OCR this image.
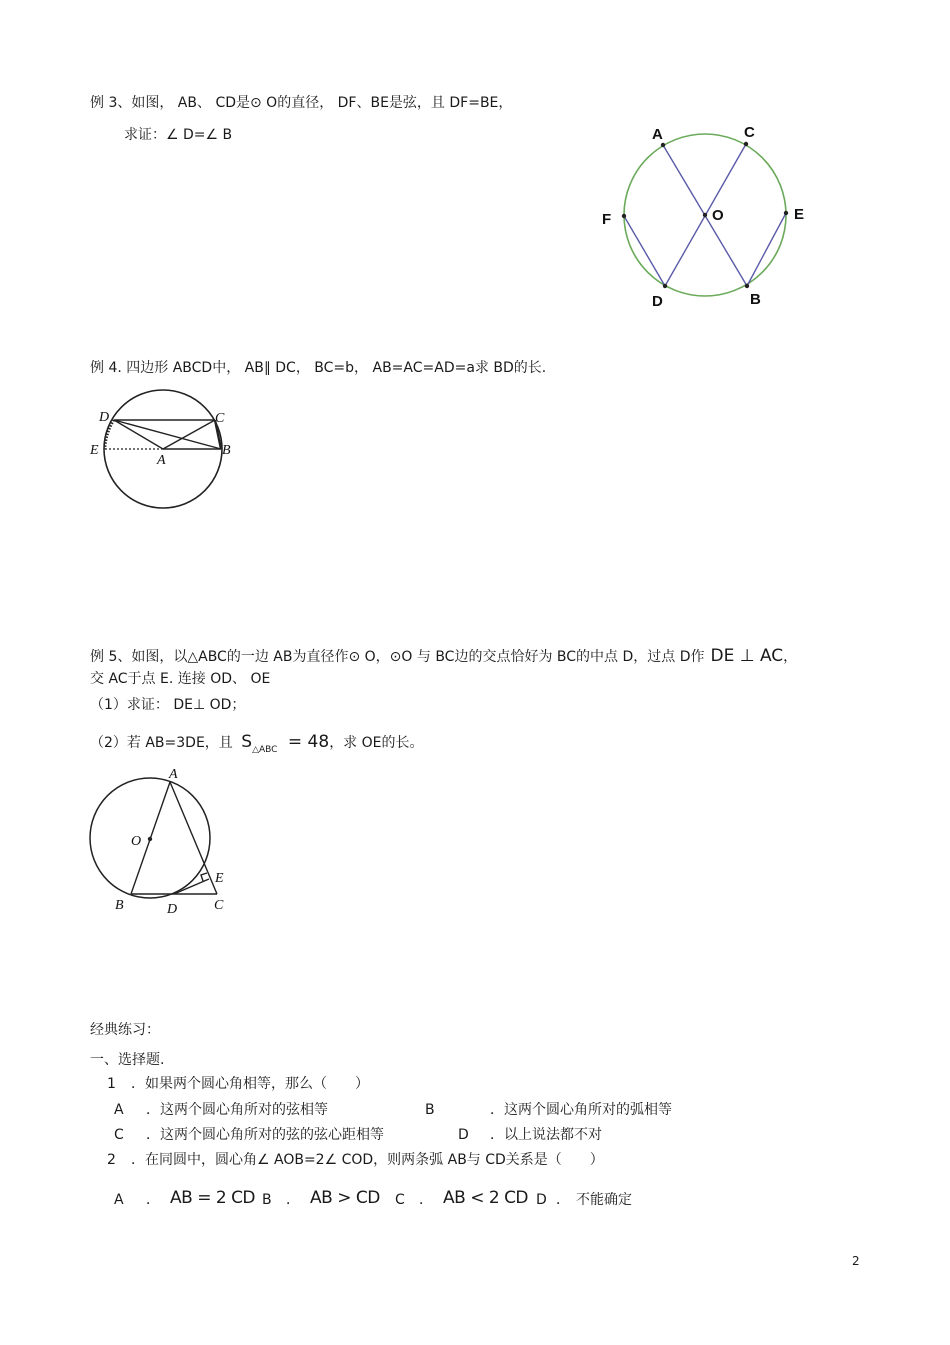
例 3、如图， AB、 CD是⊙ O的直径， DF、BE是弦，且 DF=BE，
求证：∠ D=∠ B	A	C
F	O	E
D	B
例 4. 四边形 ABCD中， AB∥ DC， BC=b， AB=AC=AD=a求 BD的长.
D	C
E
A
B
例 5、如图，以△ABC的一边 AB为直径作⊙ O，⊙O 与 BC边的交点恰好为 BC的中点 D，过点 D作 DE ⊥ AC，
交 AC于点 E. 连接 OD、 OE
（1）求证： DE⊥ OD；
（2）若 AB=3DE，且 $S_{\triangle ABC} = 48$，求 OE的长。
A
O
E
B	D	C
经典练习：
一、选择题.
1 ．如果两个圆心角相等，那么（　　）
A ．这两个圆心角所对的弦相等	B	．这两个圆心角所对的弧相等
C ．这两个圆心角所对的弦的弦心距相等	D ．以上说法都不对
2 ．在同圆中，圆心角∠ AOB=2∠ COD，则两条弧 AB与 CD关系是（　　）
A ． AB = 2 CD B ． AB > CD C ． AB < 2 CD D ． 不能确定
2
